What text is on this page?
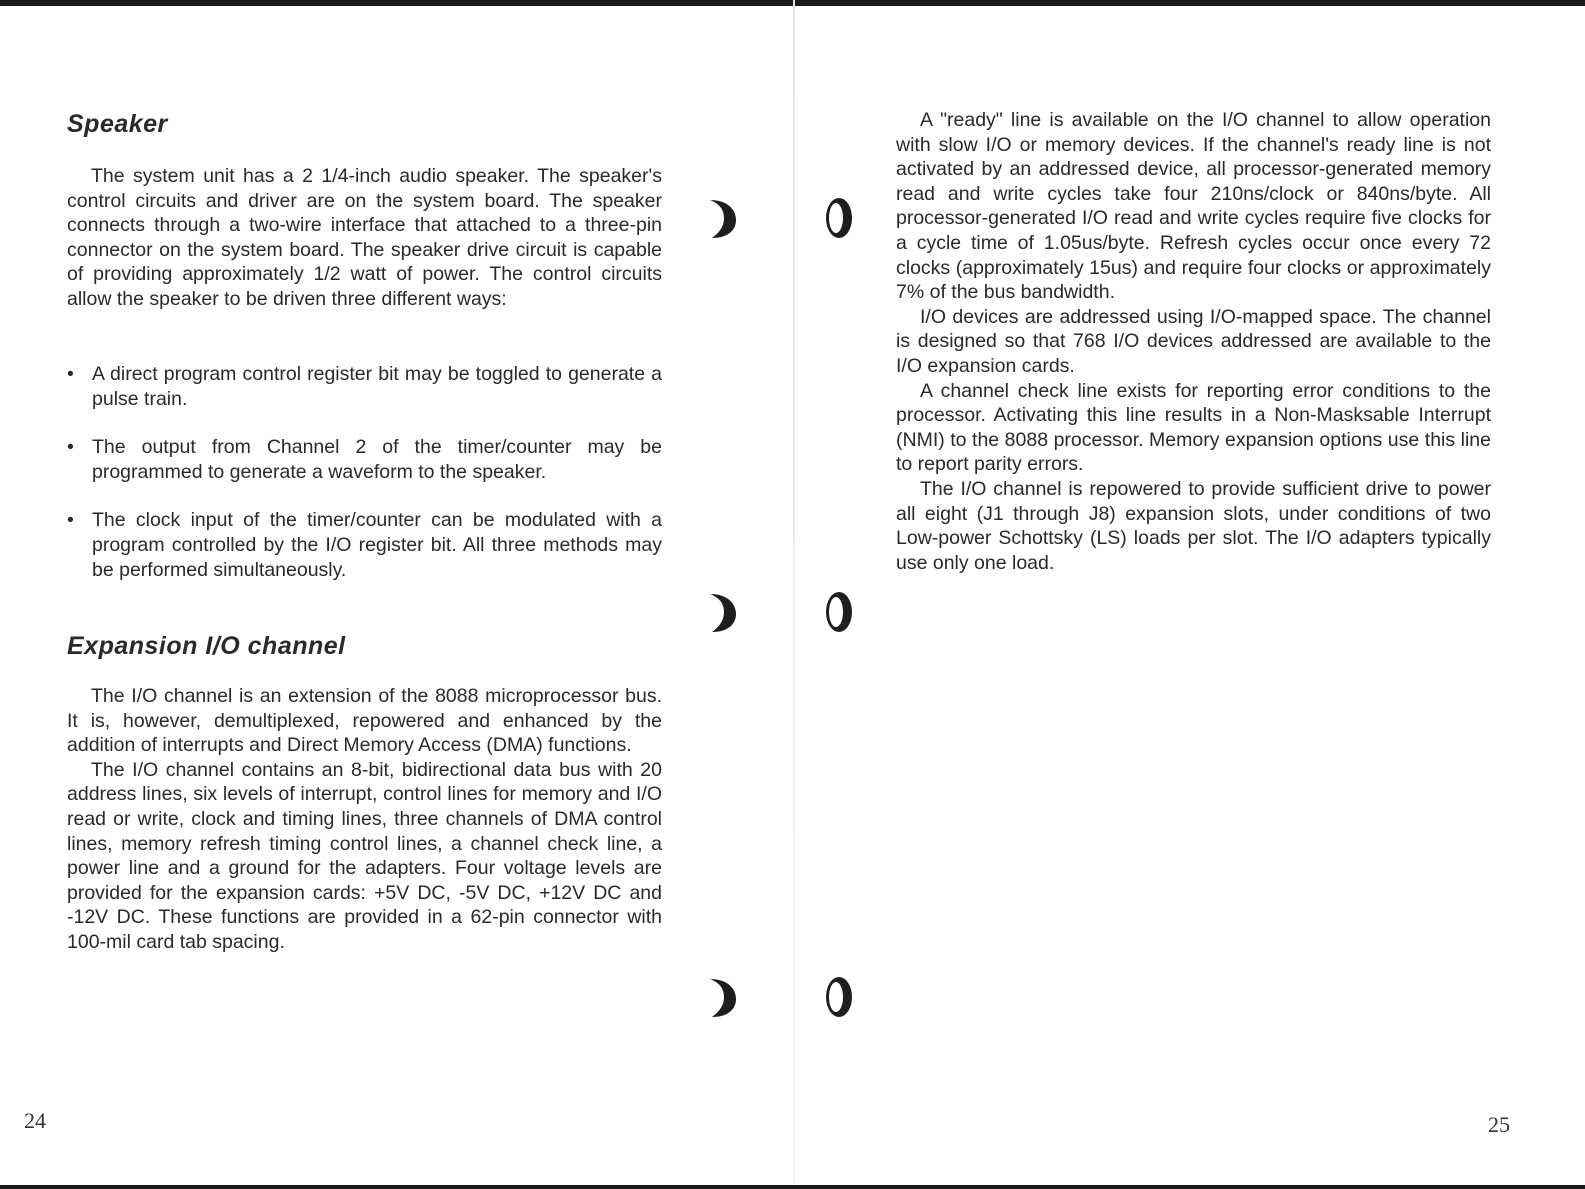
Speaker

The system unit has a 2 1/4-inch audio speaker. The speaker's control circuits and driver are on the system board. The speaker connects through a two-wire interface that attached to a three-pin connector on the system board. The speaker drive circuit is capable of providing approximately 1/2 watt of power. The control circuits allow the speaker to be driven three different ways:

• A direct program control register bit may be toggled to generate a pulse train.
• The output from Channel 2 of the timer/counter may be programmed to generate a waveform to the speaker.
• The clock input of the timer/counter can be modulated with a program controlled by the I/O register bit. All three methods may be performed simultaneously.
Expansion I/O channel

The I/O channel is an extension of the 8088 microprocessor bus. It is, however, demultiplexed, repowered and enhanced by the addition of interrupts and Direct Memory Access (DMA) functions.

The I/O channel contains an 8-bit, bidirectional data bus with 20 address lines, six levels of interrupt, control lines for memory and I/O read or write, clock and timing lines, three channels of DMA control lines, memory refresh timing control lines, a channel check line, a power line and a ground for the adapters. Four voltage levels are provided for the expansion cards: +5V DC, -5V DC, +12V DC and -12V DC. These functions are provided in a 62-pin connector with 100-mil card tab spacing.

24

A "ready" line is available on the I/O channel to allow operation with slow I/O or memory devices. If the channel's ready line is not activated by an addressed device, all processor-generated memory read and write cycles take four 210ns/clock or 840ns/byte. All processor-generated I/O read and write cycles require five clocks for a cycle time of 1.05us/byte. Refresh cycles occur once every 72 clocks (approximately 15us) and require four clocks or approximately 7% of the bus bandwidth.

I/O devices are addressed using I/O-mapped space. The channel is designed so that 768 I/O devices addressed are available to the I/O expansion cards.

A channel check line exists for reporting error conditions to the processor. Activating this line results in a Non-Masksable Interrupt (NMI) to the 8088 processor. Memory expansion options use this line to report parity errors.

The I/O channel is repowered to provide sufficient drive to power all eight (J1 through J8) expansion slots, under conditions of two Low-power Schottsky (LS) loads per slot. The I/O adapters typically use only one load.

25
